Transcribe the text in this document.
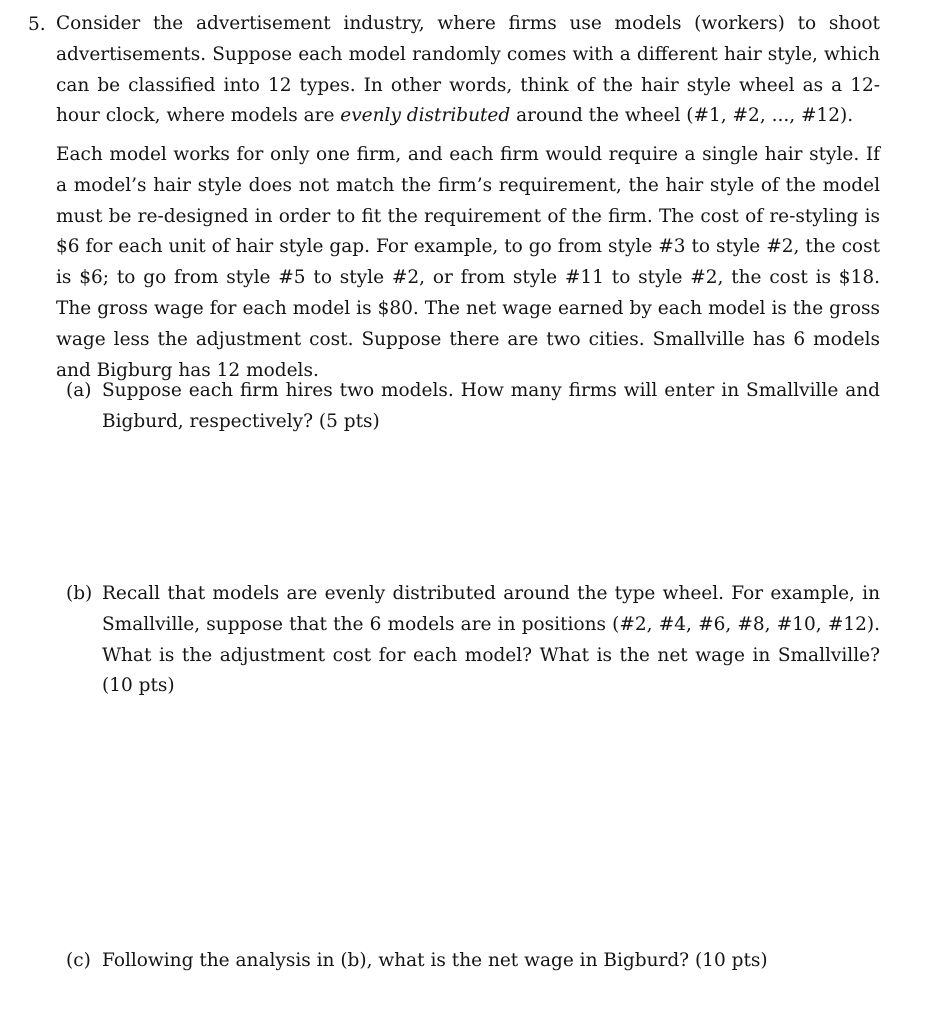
5. Consider the advertisement industry, where firms use models (workers) to shoot advertisements. Suppose each model randomly comes with a different hair style, which can be classified into 12 types. In other words, think of the hair style wheel as a 12-hour clock, where models are evenly distributed around the wheel (#1, #2, ..., #12).

Each model works for only one firm, and each firm would require a single hair style. If a model’s hair style does not match the firm’s requirement, the hair style of the model must be re-designed in order to fit the requirement of the firm. The cost of re-styling is $6 for each unit of hair style gap. For example, to go from style #3 to style #2, the cost is $6; to go from style #5 to style #2, or from style #11 to style #2, the cost is $18. The gross wage for each model is $80. The net wage earned by each model is the gross wage less the adjustment cost. Suppose there are two cities. Smallville has 6 models and Bigburg has 12 models.

(a) Suppose each firm hires two models. How many firms will enter in Smallville and Bigburd, respectively? (5 pts)

(b) Recall that models are evenly distributed around the type wheel. For example, in Smallville, suppose that the 6 models are in positions (#2, #4, #6, #8, #10, #12). What is the adjustment cost for each model? What is the net wage in Smallville? (10 pts)

(c) Following the analysis in (b), what is the net wage in Bigburd? (10 pts)
